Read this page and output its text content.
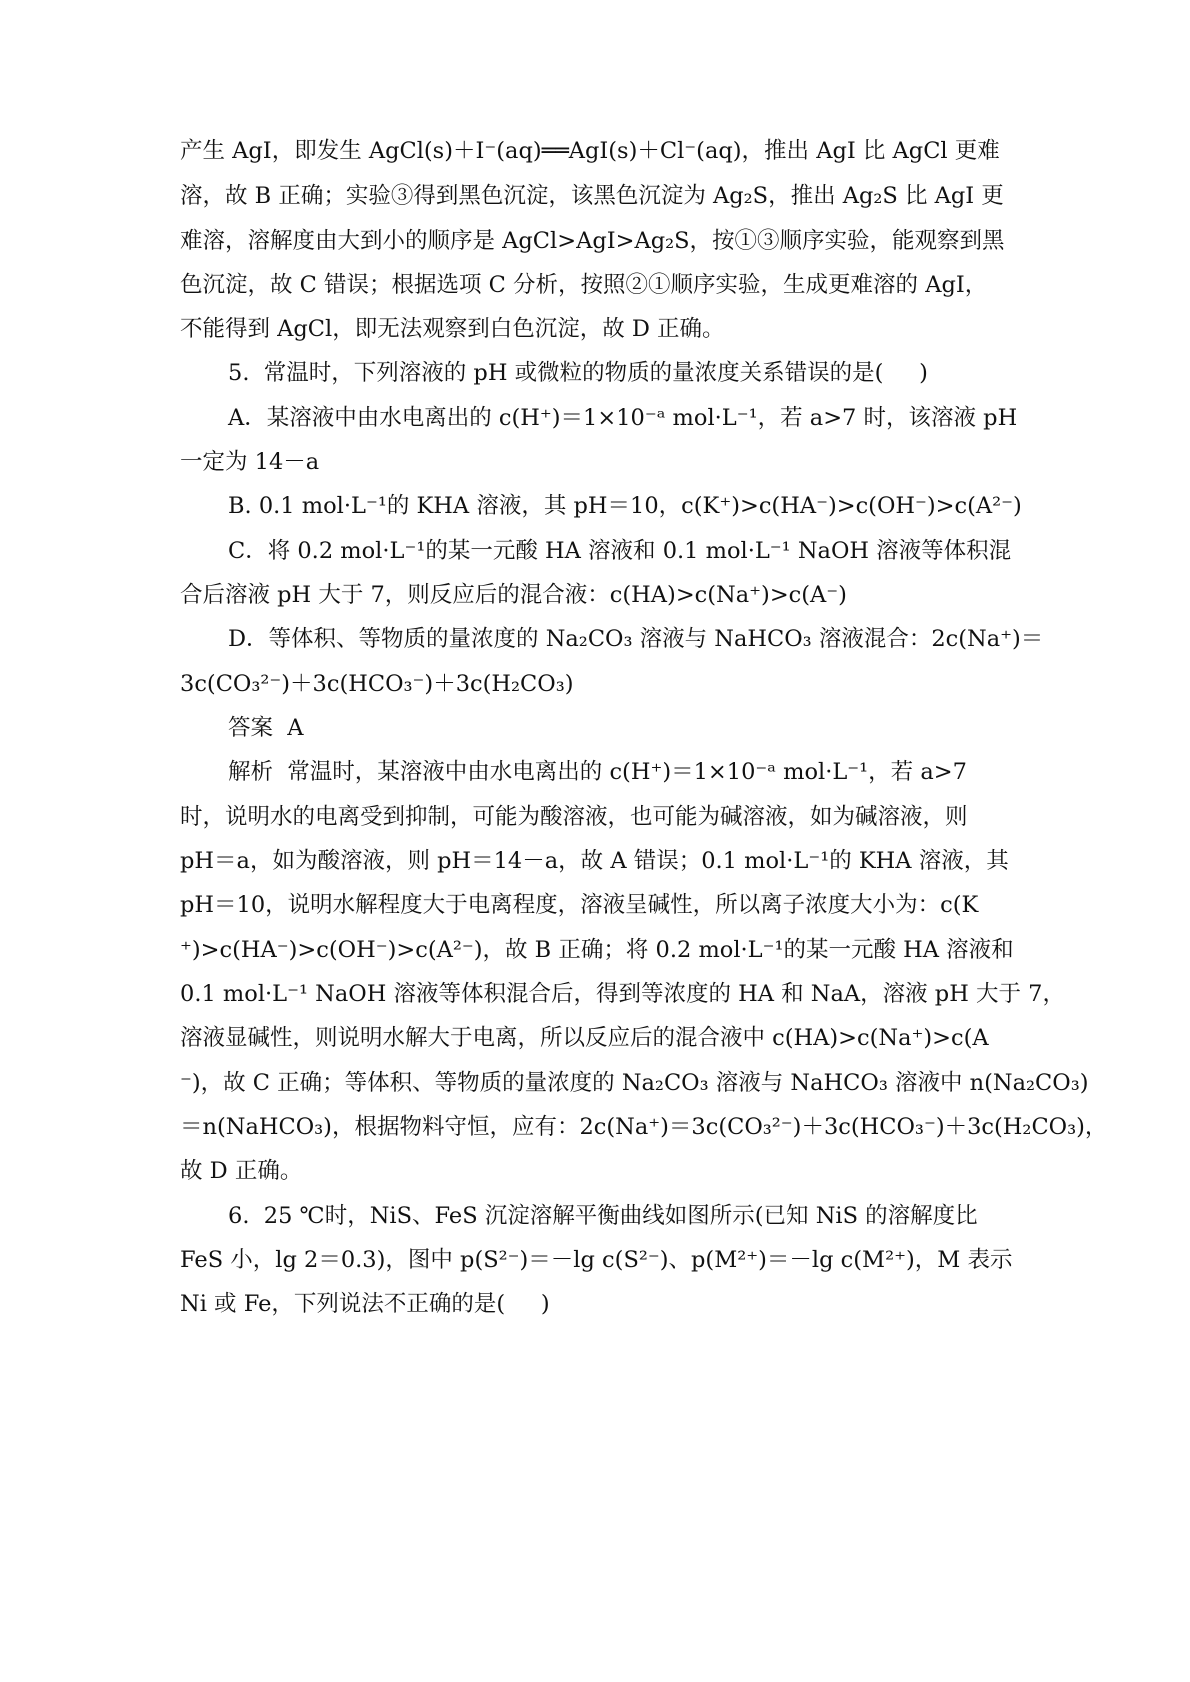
产生 AgI，即发生 AgCl(s)＋I⁻(aq)══AgI(s)＋Cl⁻(aq)，推出 AgI 比 AgCl 更难
溶，故 B 正确；实验③得到黑色沉淀，该黑色沉淀为 Ag₂S，推出 Ag₂S 比 AgI 更
难溶，溶解度由大到小的顺序是 AgCl>AgI>Ag₂S，按①③顺序实验，能观察到黑
色沉淀，故 C 错误；根据选项 C 分析，按照②①顺序实验，生成更难溶的 AgI，
不能得到 AgCl，即无法观察到白色沉淀，故 D 正确。
5.  常温时，下列溶液的 pH 或微粒的物质的量浓度关系错误的是(     )
A．某溶液中由水电离出的 c(H⁺)＝1×10⁻ᵃ mol·L⁻¹，若 a>7 时，该溶液 pH
一定为 14－a
B. 0.1 mol·L⁻¹的 KHA 溶液，其 pH＝10，c(K⁺)>c(HA⁻)>c(OH⁻)>c(A²⁻)
C．将 0.2 mol·L⁻¹的某一元酸 HA 溶液和 0.1 mol·L⁻¹ NaOH 溶液等体积混
合后溶液 pH 大于 7，则反应后的混合液：c(HA)>c(Na⁺)>c(A⁻)
D．等体积、等物质的量浓度的 Na₂CO₃ 溶液与 NaHCO₃ 溶液混合：2c(Na⁺)＝
3c(CO₃²⁻)＋3c(HCO₃⁻)＋3c(H₂CO₃)
答案  A
解析  常温时，某溶液中由水电离出的 c(H⁺)＝1×10⁻ᵃ mol·L⁻¹，若 a>7
时，说明水的电离受到抑制，可能为酸溶液，也可能为碱溶液，如为碱溶液，则
pH＝a，如为酸溶液，则 pH＝14－a，故 A 错误；0.1 mol·L⁻¹的 KHA 溶液，其
pH＝10，说明水解程度大于电离程度，溶液呈碱性，所以离子浓度大小为：c(K
⁺)>c(HA⁻)>c(OH⁻)>c(A²⁻)，故 B 正确；将 0.2 mol·L⁻¹的某一元酸 HA 溶液和
0.1 mol·L⁻¹ NaOH 溶液等体积混合后，得到等浓度的 HA 和 NaA，溶液 pH 大于 7，
溶液显碱性，则说明水解大于电离，所以反应后的混合液中 c(HA)>c(Na⁺)>c(A
⁻)，故 C 正确；等体积、等物质的量浓度的 Na₂CO₃ 溶液与 NaHCO₃ 溶液中 n(Na₂CO₃)
＝n(NaHCO₃)，根据物料守恒，应有：2c(Na⁺)＝3c(CO₃²⁻)＋3c(HCO₃⁻)＋3c(H₂CO₃)，
故 D 正确。
6.  25 ℃时，NiS、FeS 沉淀溶解平衡曲线如图所示(已知 NiS 的溶解度比
FeS 小，lg 2＝0.3)，图中 p(S²⁻)＝－lg c(S²⁻)、p(M²⁺)＝－lg c(M²⁺)，M 表示
Ni 或 Fe，下列说法不正确的是(     )
